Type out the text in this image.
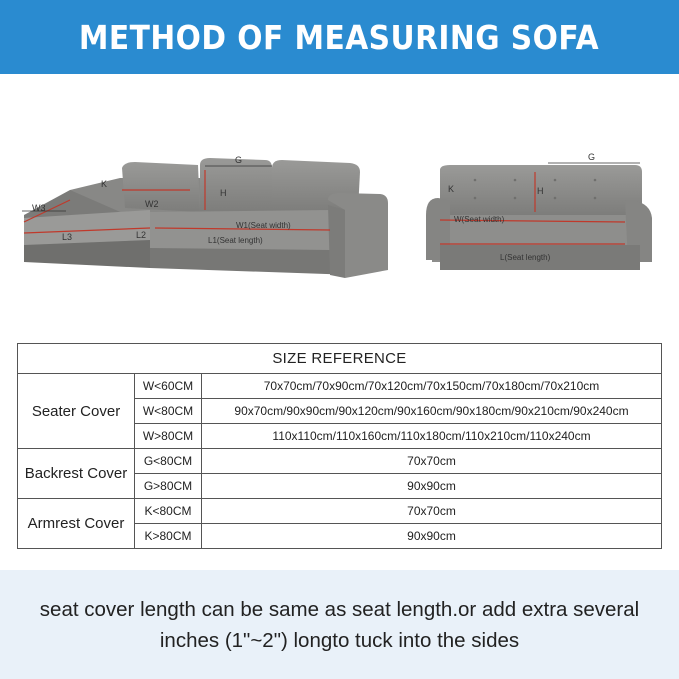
METHOD OF MEASURING SOFA
G
K
H
W3	W2
W1(Seat width)
L3	L2
L1(Seat length)
G
K	H
W(Seat width)
L(Seat length)
SIZE REFERENCE		
Seater Cover	W<60CM	70x70cm/70x90cm/70x120cm/70x150cm/70x180cm/70x210cm
	W<80CM	90x70cm/90x90cm/90x120cm/90x160cm/90x180cm/90x210cm/90x240cm
	W>80CM	110x110cm/110x160cm/110x180cm/110x210cm/110x240cm
Backrest Cover	G<80CM	70x70cm
	G>80CM	90x90cm
Armrest Cover	K<80CM	70x70cm
	K>80CM	90x90cm
seat cover length can be same as seat length.or add extra several
inches (1"~2") longto tuck into the sides
